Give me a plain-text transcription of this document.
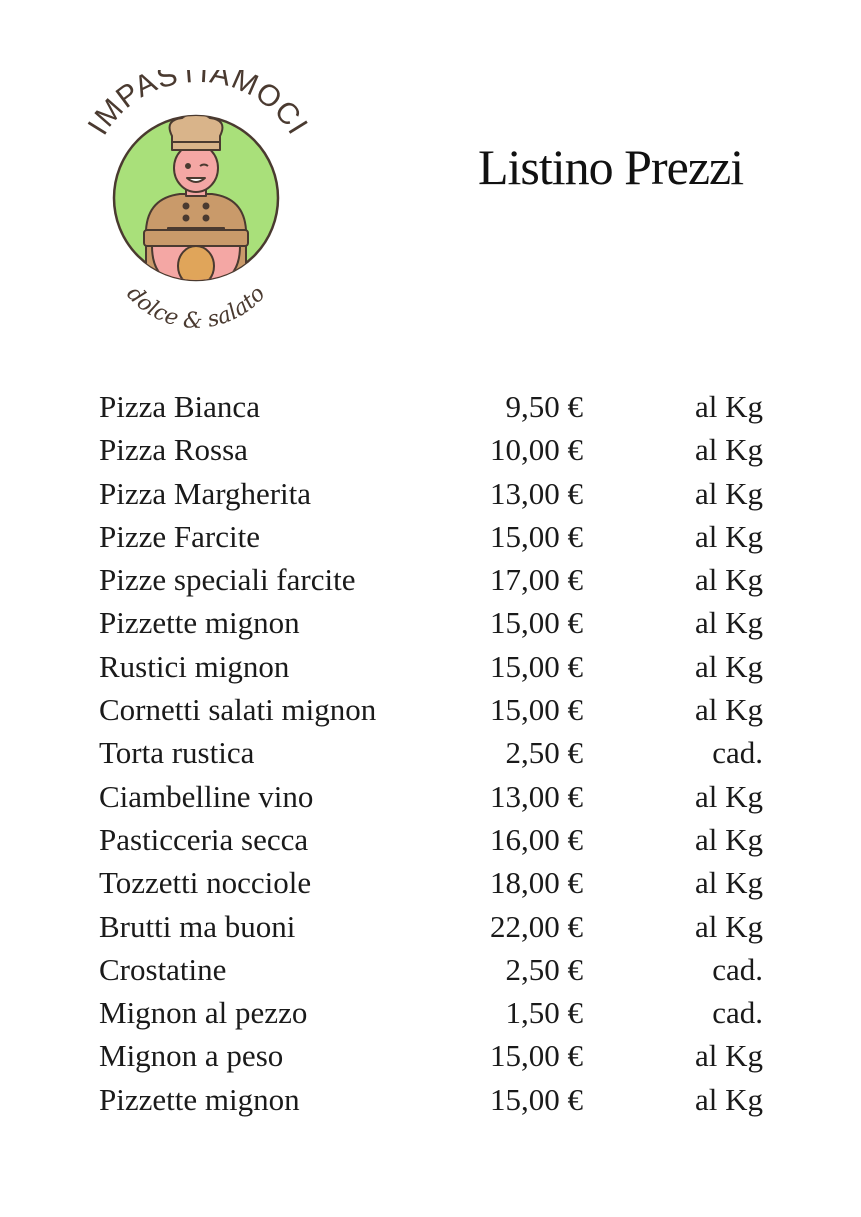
IMPASTIAMOCI
dolce & salato
Listino Prezzi
Pizza Bianca	9,50 €	al Kg
Pizza Rossa	10,00 €	al Kg
Pizza Margherita	13,00 €	al Kg
Pizze Farcite	15,00 €	al Kg
Pizze speciali farcite	17,00 €	al Kg
Pizzette mignon	15,00 €	al Kg
Rustici mignon	15,00 €	al Kg
Cornetti salati mignon	15,00 €	al Kg
Torta rustica	2,50 €	cad.
Ciambelline vino	13,00 €	al Kg
Pasticceria secca	16,00 €	al Kg
Tozzetti nocciole	18,00 €	al Kg
Brutti ma buoni	22,00 €	al Kg
Crostatine	2,50 €	cad.
Mignon al pezzo	1,50 €	cad.
Mignon a peso	15,00 €	al Kg
Pizzette mignon	15,00 €	al Kg
